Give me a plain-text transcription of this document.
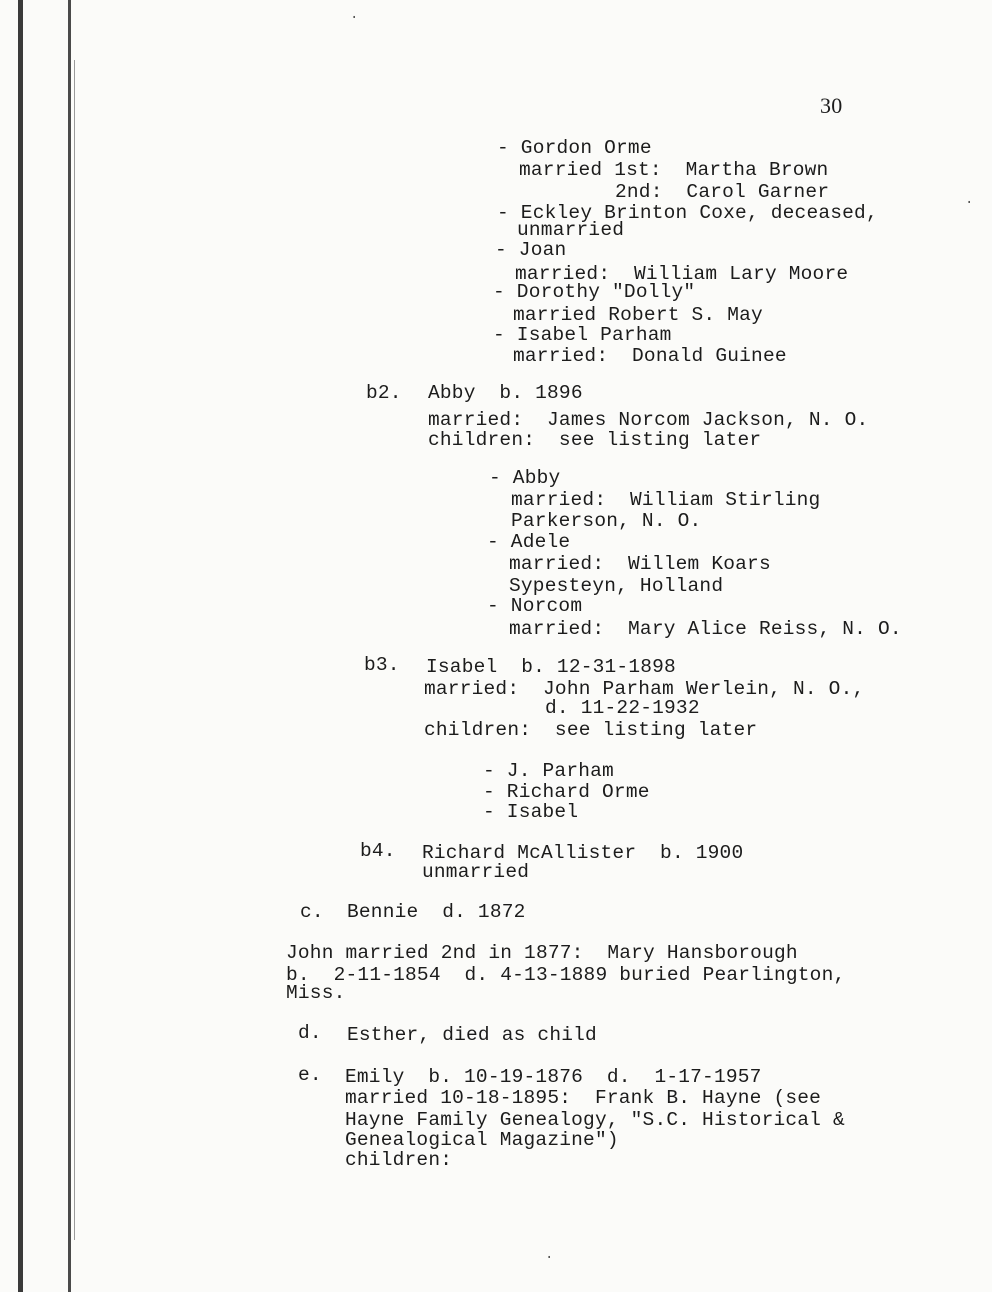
·
·
·
30
- Gordon Orme
married 1st:  Martha Brown
2nd:  Carol Garner
- Eckley Brinton Coxe, deceased,
unmarried
- Joan
married:  William Lary Moore
- Dorothy "Dolly"
married Robert S. May
- Isabel Parham
married:  Donald Guinee
b2. Abby  b. 1896
married:  James Norcom Jackson, N. O.
children:  see listing later
- Abby
married:  William Stirling
Parkerson, N. O.
- Adele
married:  Willem Koars
Sypesteyn, Holland
- Norcom
married:  Mary Alice Reiss, N. O.
b3. Isabel  b. 12-31-1898
married:  John Parham Werlein, N. O.,
d. 11-22-1932
children:  see listing later
- J. Parham
- Richard Orme
- Isabel
b4. Richard McAllister  b. 1900
unmarried
c. Bennie  d. 1872
John married 2nd in 1877:  Mary Hansborough
b.  2-11-1854  d. 4-13-1889 buried Pearlington,
Miss.
d. Esther, died as child
e. Emily  b. 10-19-1876  d.  1-17-1957
married 10-18-1895:  Frank B. Hayne (see
Hayne Family Genealogy, "S.C. Historical &
Genealogical Magazine")
children:
